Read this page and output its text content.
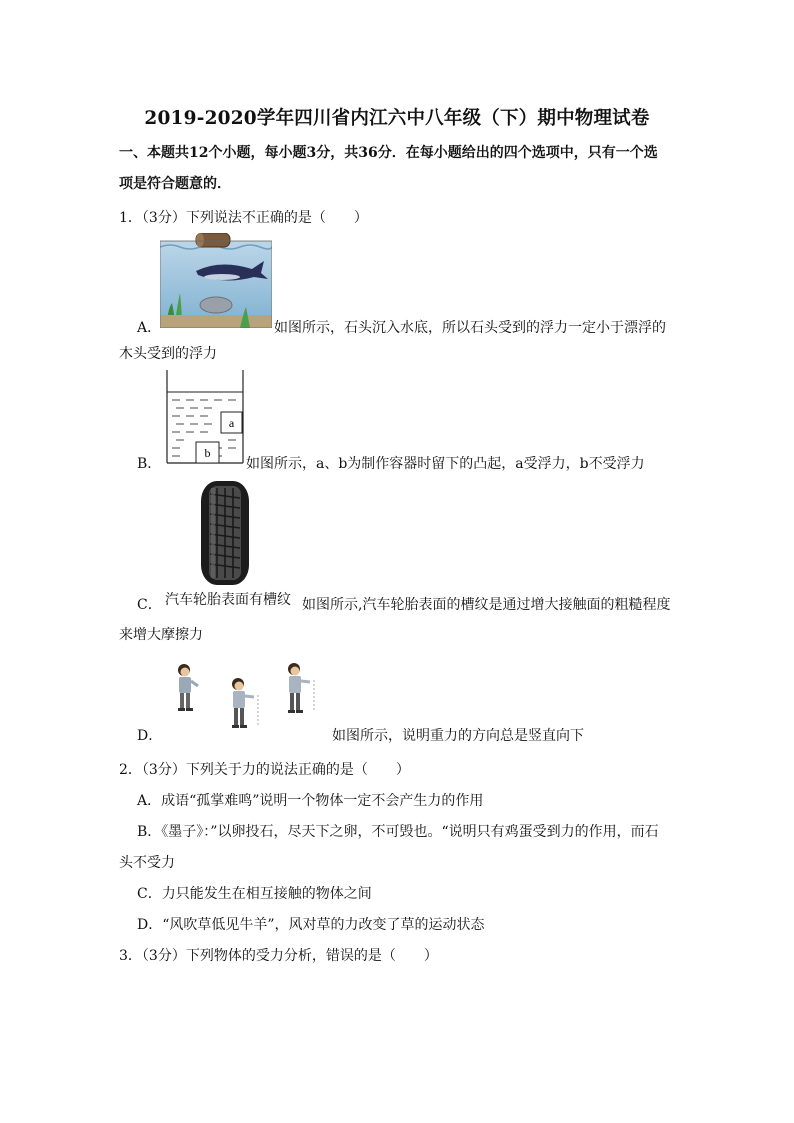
2019-2020学年四川省内江六中八年级（下）期中物理试卷
一、本题共12个小题，每小题3分，共36分．在每小题给出的四个选项中，只有一个选
项是符合题意的．
1．（3分）下列说法不正确的是（　　）
A．	如图所示，石头沉入水底，所以石头受到的浮力一定小于漂浮的
木头受到的浮力
a
b
B．	如图所示，a、b为制作容器时留下的凸起，a受浮力，b不受浮力
汽车轮胎表面有槽纹
C．	如图所示,汽车轮胎表面的槽纹是通过增大接触面的粗糙程度
来增大摩擦力
D．	如图所示，说明重力的方向总是竖直向下
2．（3分）下列关于力的说法正确的是（　　）
A．成语“孤掌难鸣”说明一个物体一定不会产生力的作用
B．《墨子》：”以卵投石，尽天下之卵，不可毁也。“说明只有鸡蛋受到力的作用，而石
头不受力
C．力只能发生在相互接触的物体之间
D．“风吹草低见牛羊”，风对草的力改变了草的运动状态
3．（3分）下列物体的受力分析，错误的是（　　）
